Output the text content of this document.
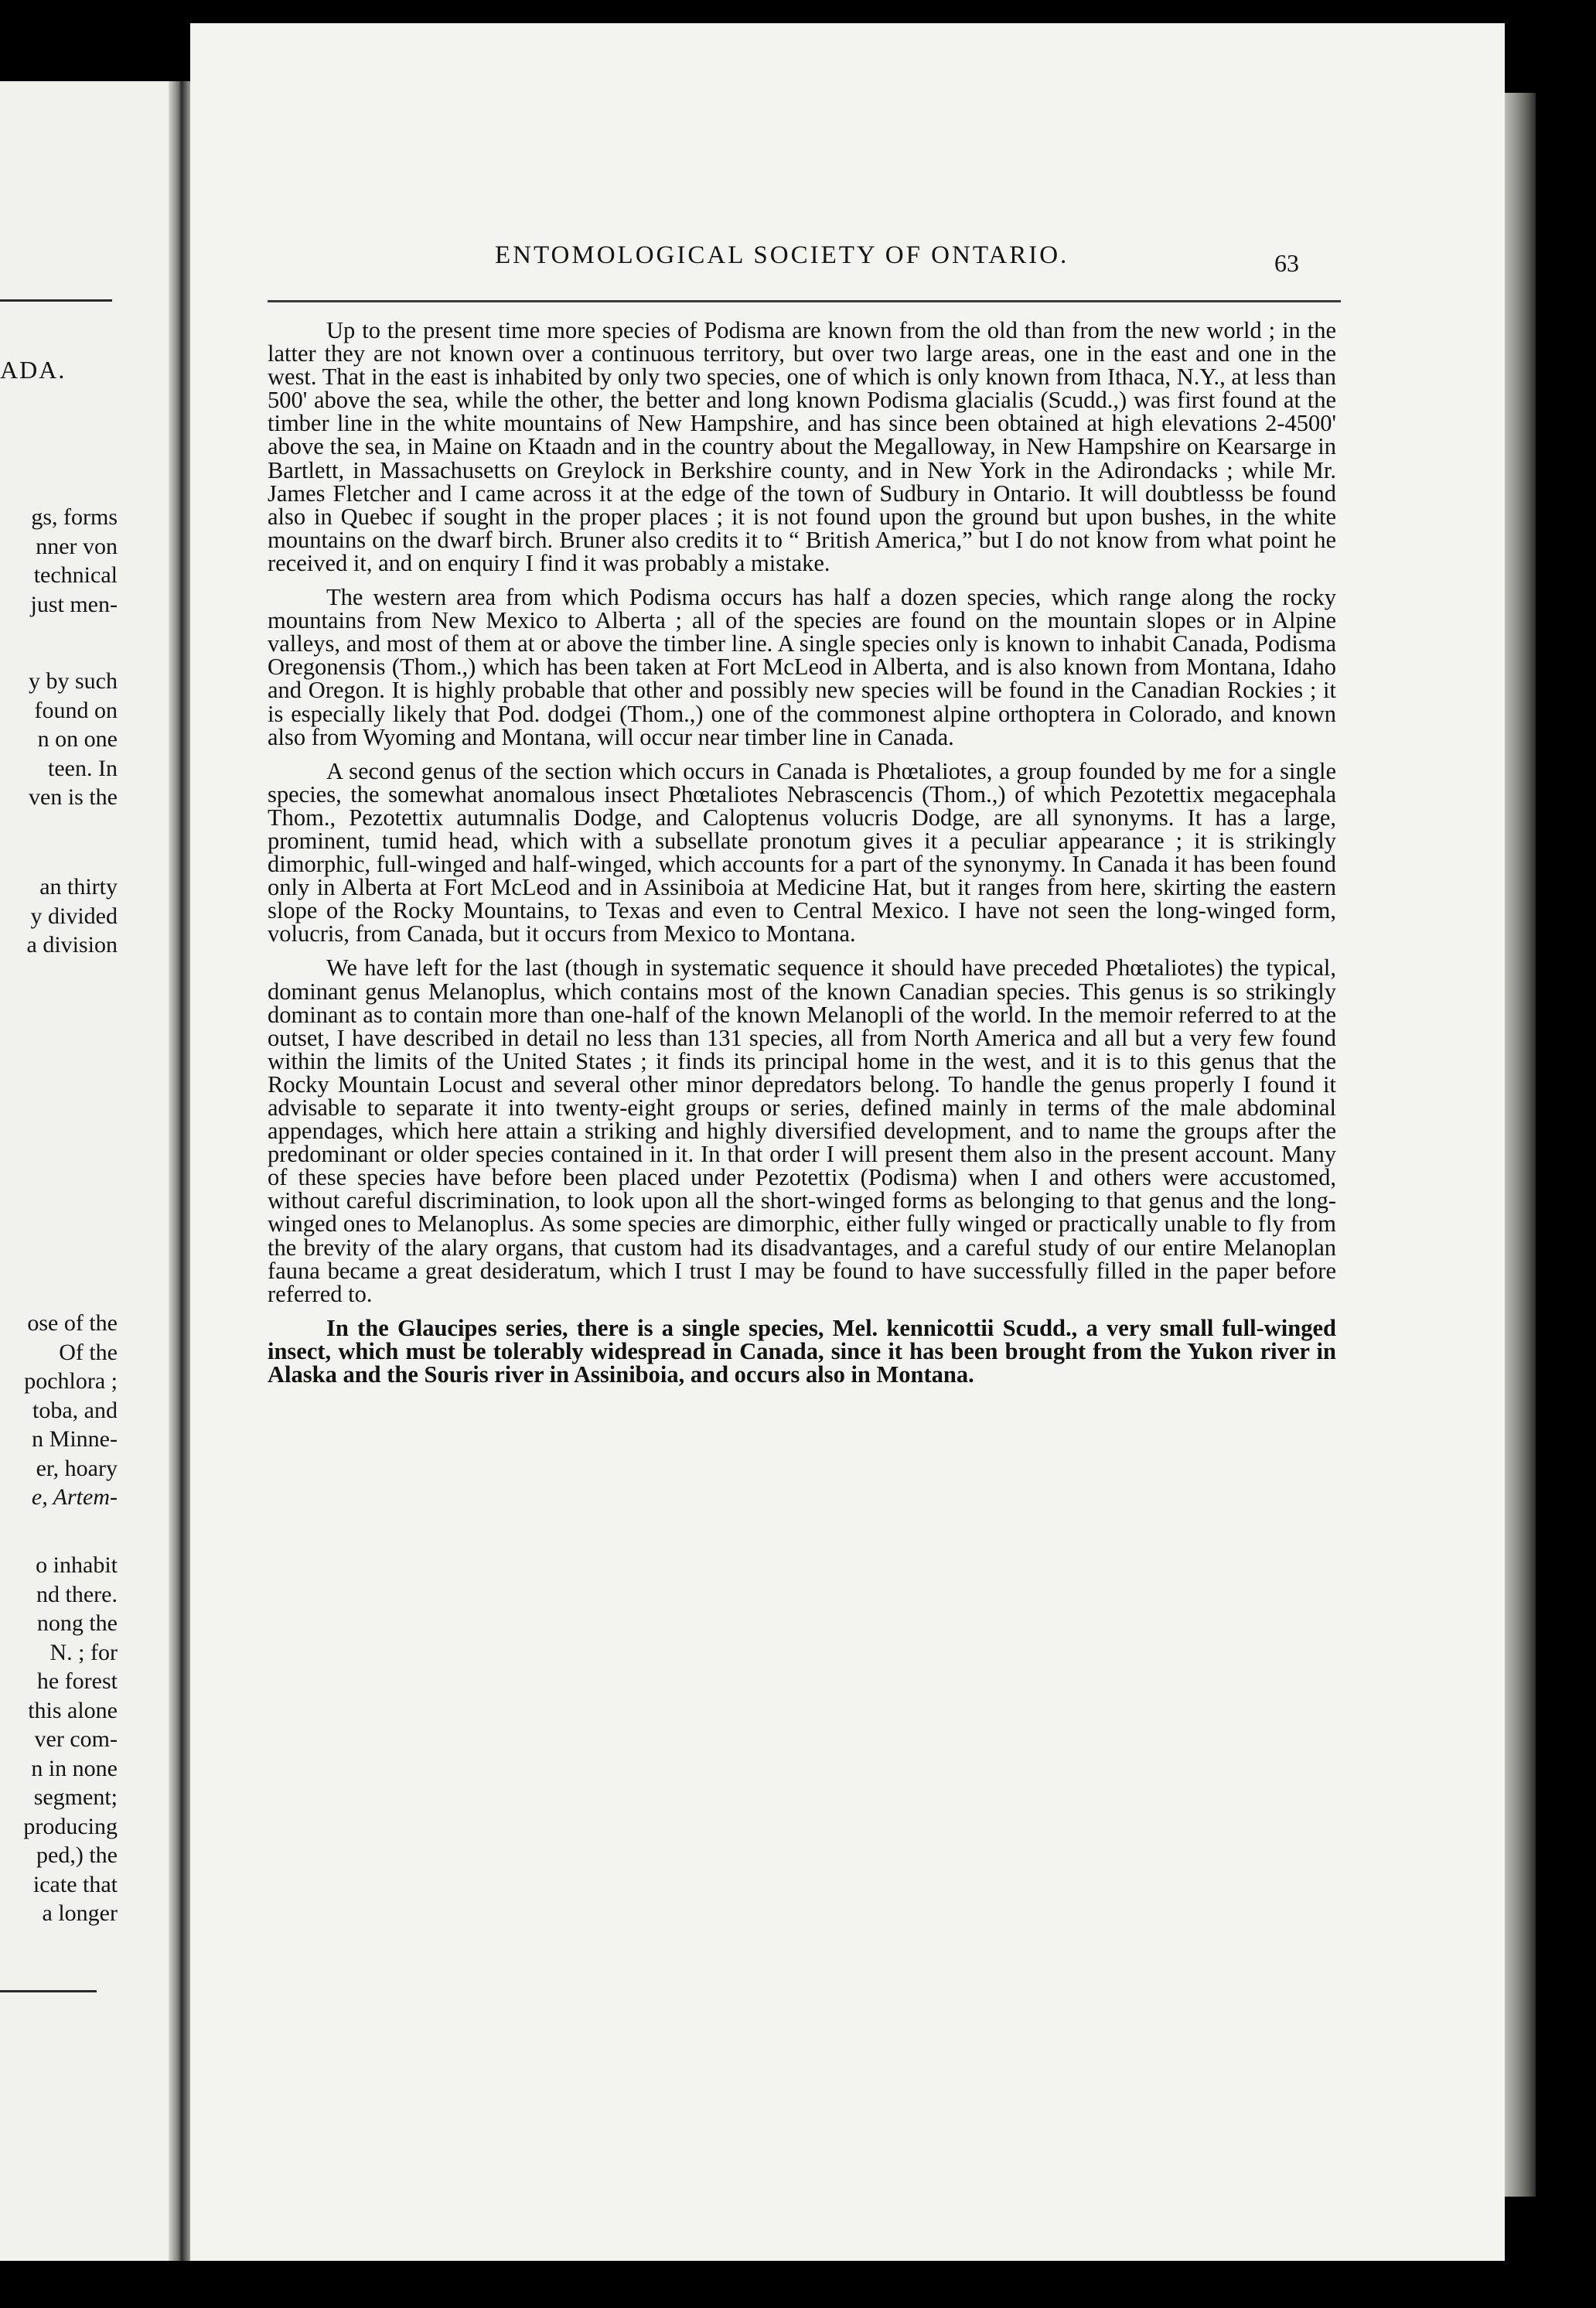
ADA.
gs, forms
nner von
technical
just men-
y by such
found on
n on one
teen. In
ven is the
an thirty
y divided
a division
ose of the
Of the
pochlora ;
toba, and
n Minne-
er, hoary
e, Artem-
o inhabit
nd there.
nong the
N. ; for
he forest
this alone
ver com-
n in none
segment;
producing
ped,) the
icate that
a longer
ENTOMOLOGICAL SOCIETY OF ONTARIO.	63

Up to the present time more species of Podisma are known from the old than from the new world ; in the latter they are not known over a continuous territory, but over two large areas, one in the east and one in the west. That in the east is inhabited by only two species, one of which is only known from Ithaca, N.Y., at less than 500' above the sea, while the other, the better and long known Podisma glacialis (Scudd.,) was first found at the timber line in the white mountains of New Hampshire, and has since been obtained at high elevations 2-4500' above the sea, in Maine on Ktaadn and in the country about the Megalloway, in New Hampshire on Kearsarge in Bartlett, in Massachusetts on Greylock in Berkshire county, and in New York in the Adirondacks ; while Mr. James Fletcher and I came across it at the edge of the town of Sudbury in Ontario. It will doubtlesss be found also in Quebec if sought in the proper places ; it is not found upon the ground but upon bushes, in the white mountains on the dwarf birch. Bruner also credits it to “ British America,” but I do not know from what point he received it, and on enquiry I find it was probably a mistake.

The western area from which Podisma occurs has half a dozen species, which range along the rocky mountains from New Mexico to Alberta ; all of the species are found on the mountain slopes or in Alpine valleys, and most of them at or above the timber line. A single species only is known to inhabit Canada, Podisma Oregonensis (Thom.,) which has been taken at Fort McLeod in Alberta, and is also known from Montana, Idaho and Oregon. It is highly probable that other and possibly new species will be found in the Canadian Rockies ; it is especially likely that Pod. dodgei (Thom.,) one of the commonest alpine orthoptera in Colorado, and known also from Wyoming and Montana, will occur near timber line in Canada.

A second genus of the section which occurs in Canada is Phœtaliotes, a group founded by me for a single species, the somewhat anomalous insect Phœtaliotes Nebrascencis (Thom.,) of which Pezotettix megacephala Thom., Pezotettix autumnalis Dodge, and Caloptenus volucris Dodge, are all synonyms. It has a large, prominent, tumid head, which with a subsellate pronotum gives it a peculiar appearance ; it is strikingly dimorphic, full-winged and half-winged, which accounts for a part of the synonymy. In Canada it has been found only in Alberta at Fort McLeod and in Assiniboia at Medicine Hat, but it ranges from here, skirting the eastern slope of the Rocky Mountains, to Texas and even to Central Mexico. I have not seen the long-winged form, volucris, from Canada, but it occurs from Mexico to Montana.

We have left for the last (though in systematic sequence it should have preceded Phœtaliotes) the typical, dominant genus Melanoplus, which contains most of the known Canadian species. This genus is so strikingly dominant as to contain more than one-half of the known Melanopli of the world. In the memoir referred to at the outset, I have described in detail no less than 131 species, all from North America and all but a very few found within the limits of the United States ; it finds its principal home in the west, and it is to this genus that the Rocky Mountain Locust and several other minor depredators belong. To handle the genus properly I found it advisable to separate it into twenty-eight groups or series, defined mainly in terms of the male abdominal appendages, which here attain a striking and highly diversified development, and to name the groups after the predominant or older species contained in it. In that order I will present them also in the present account. Many of these species have before been placed under Pezotettix (Podisma) when I and others were accustomed, without careful discrimination, to look upon all the short-winged forms as belonging to that genus and the long-winged ones to Melanoplus. As some species are dimorphic, either fully winged or practically unable to fly from the brevity of the alary organs, that custom had its disadvantages, and a careful study of our entire Melanoplan fauna became a great desideratum, which I trust I may be found to have successfully filled in the paper before referred to.

In the Glaucipes series, there is a single species, Mel. kennicottii Scudd., a very small full-winged insect, which must be tolerably widespread in Canada, since it has been brought from the Yukon river in Alaska and the Souris river in Assiniboia, and occurs also in Montana.
